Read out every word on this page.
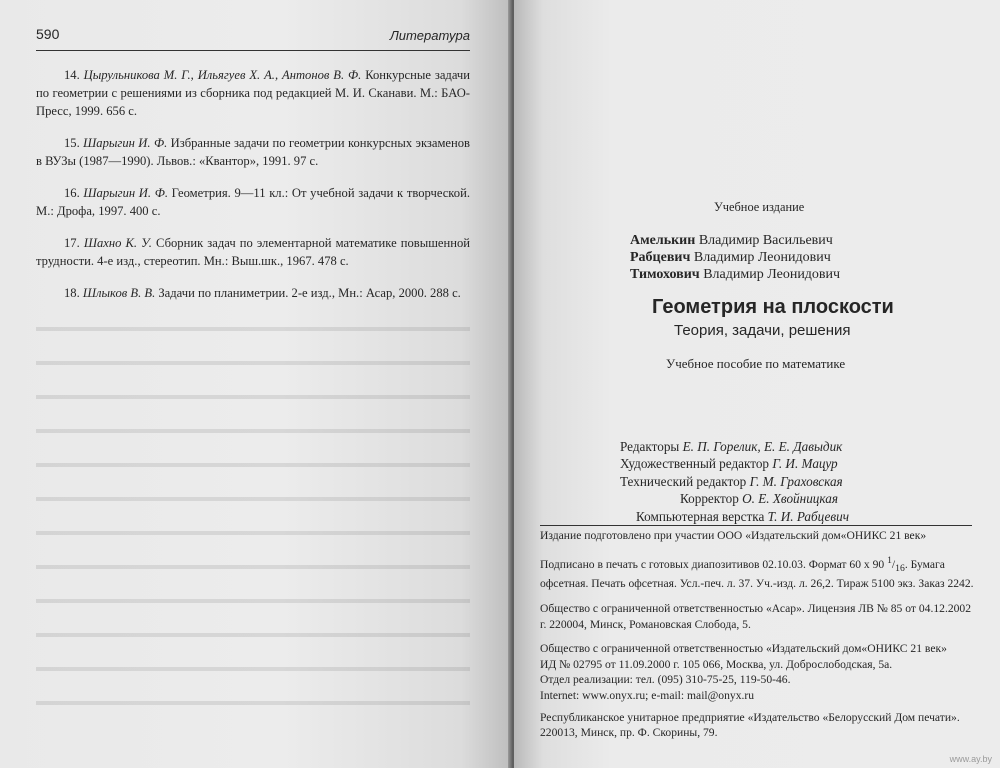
590	Литература

14. Цырульникова М. Г., Ильягуев Х. А., Антонов В. Ф. Конкурсные задачи по геометрии с решениями из сборника под редакцией М. И. Сканави. М.: БАО-Пресс, 1999. 656 с.

15. Шарыгин И. Ф. Избранные задачи по геометрии конкурсных экзаменов в ВУЗы (1987—1990). Львов.: «Квантор», 1991. 97 с.

16. Шарыгин И. Ф. Геометрия. 9—11 кл.: От учебной задачи к творческой. М.: Дрофа, 1997. 400 с.

17. Шахно К. У. Сборник задач по элементарной математике повышенной трудности. 4-е изд., стереотип. Мн.: Выш.шк., 1967. 478 с.

18. Шлыков В. В. Задачи по планиметрии. 2-е изд., Мн.: Асар, 2000. 288 с.

Учебное издание
Амелькин Владимир Васильевич
Рабцевич Владимир Леонидович
Тимохович Владимир Леонидович
Геометрия на плоскости
Теория, задачи, решения
Учебное пособие по математике
Редакторы Е. П. Горелик, Е. Е. Давыдик
Художественный редактор Г. И. Мацур
Технический редактор Г. М. Граховская
Корректор О. Е. Хвойницкая
Компьютерная верстка Т. И. Рабцевич

Издание подготовлено при участии ООО «Издательский дом«ОНИКС 21 век»

Подписано в печать с готовых диапозитивов 02.10.03. Формат 60 х 90 $^1/_{16}$. Бумага офсетная. Печать офсетная. Усл.-печ. л. 37. Уч.-изд. л. 26,2. Тираж 5100 экз. Заказ 2242.

Общество с ограниченной ответственностью «Асар». Лицензия ЛВ № 85 от 04.12.2002 г. 220004, Минск, Романовская Слобода, 5.

Общество с ограниченной ответственностью «Издательский дом«ОНИКС 21 век»
ИД № 02795 от 11.09.2000 г. 105 066, Москва, ул. Доброслободская, 5а.
Отдел реализации: тел. (095) 310-75-25, 119-50-46.
Internet: www.onyx.ru; e-mail: mail@onyx.ru

Республиканское унитарное предприятие «Издательство «Белорусский Дом печати». 220013, Минск, пр. Ф. Скорины, 79.

www.ay.by
